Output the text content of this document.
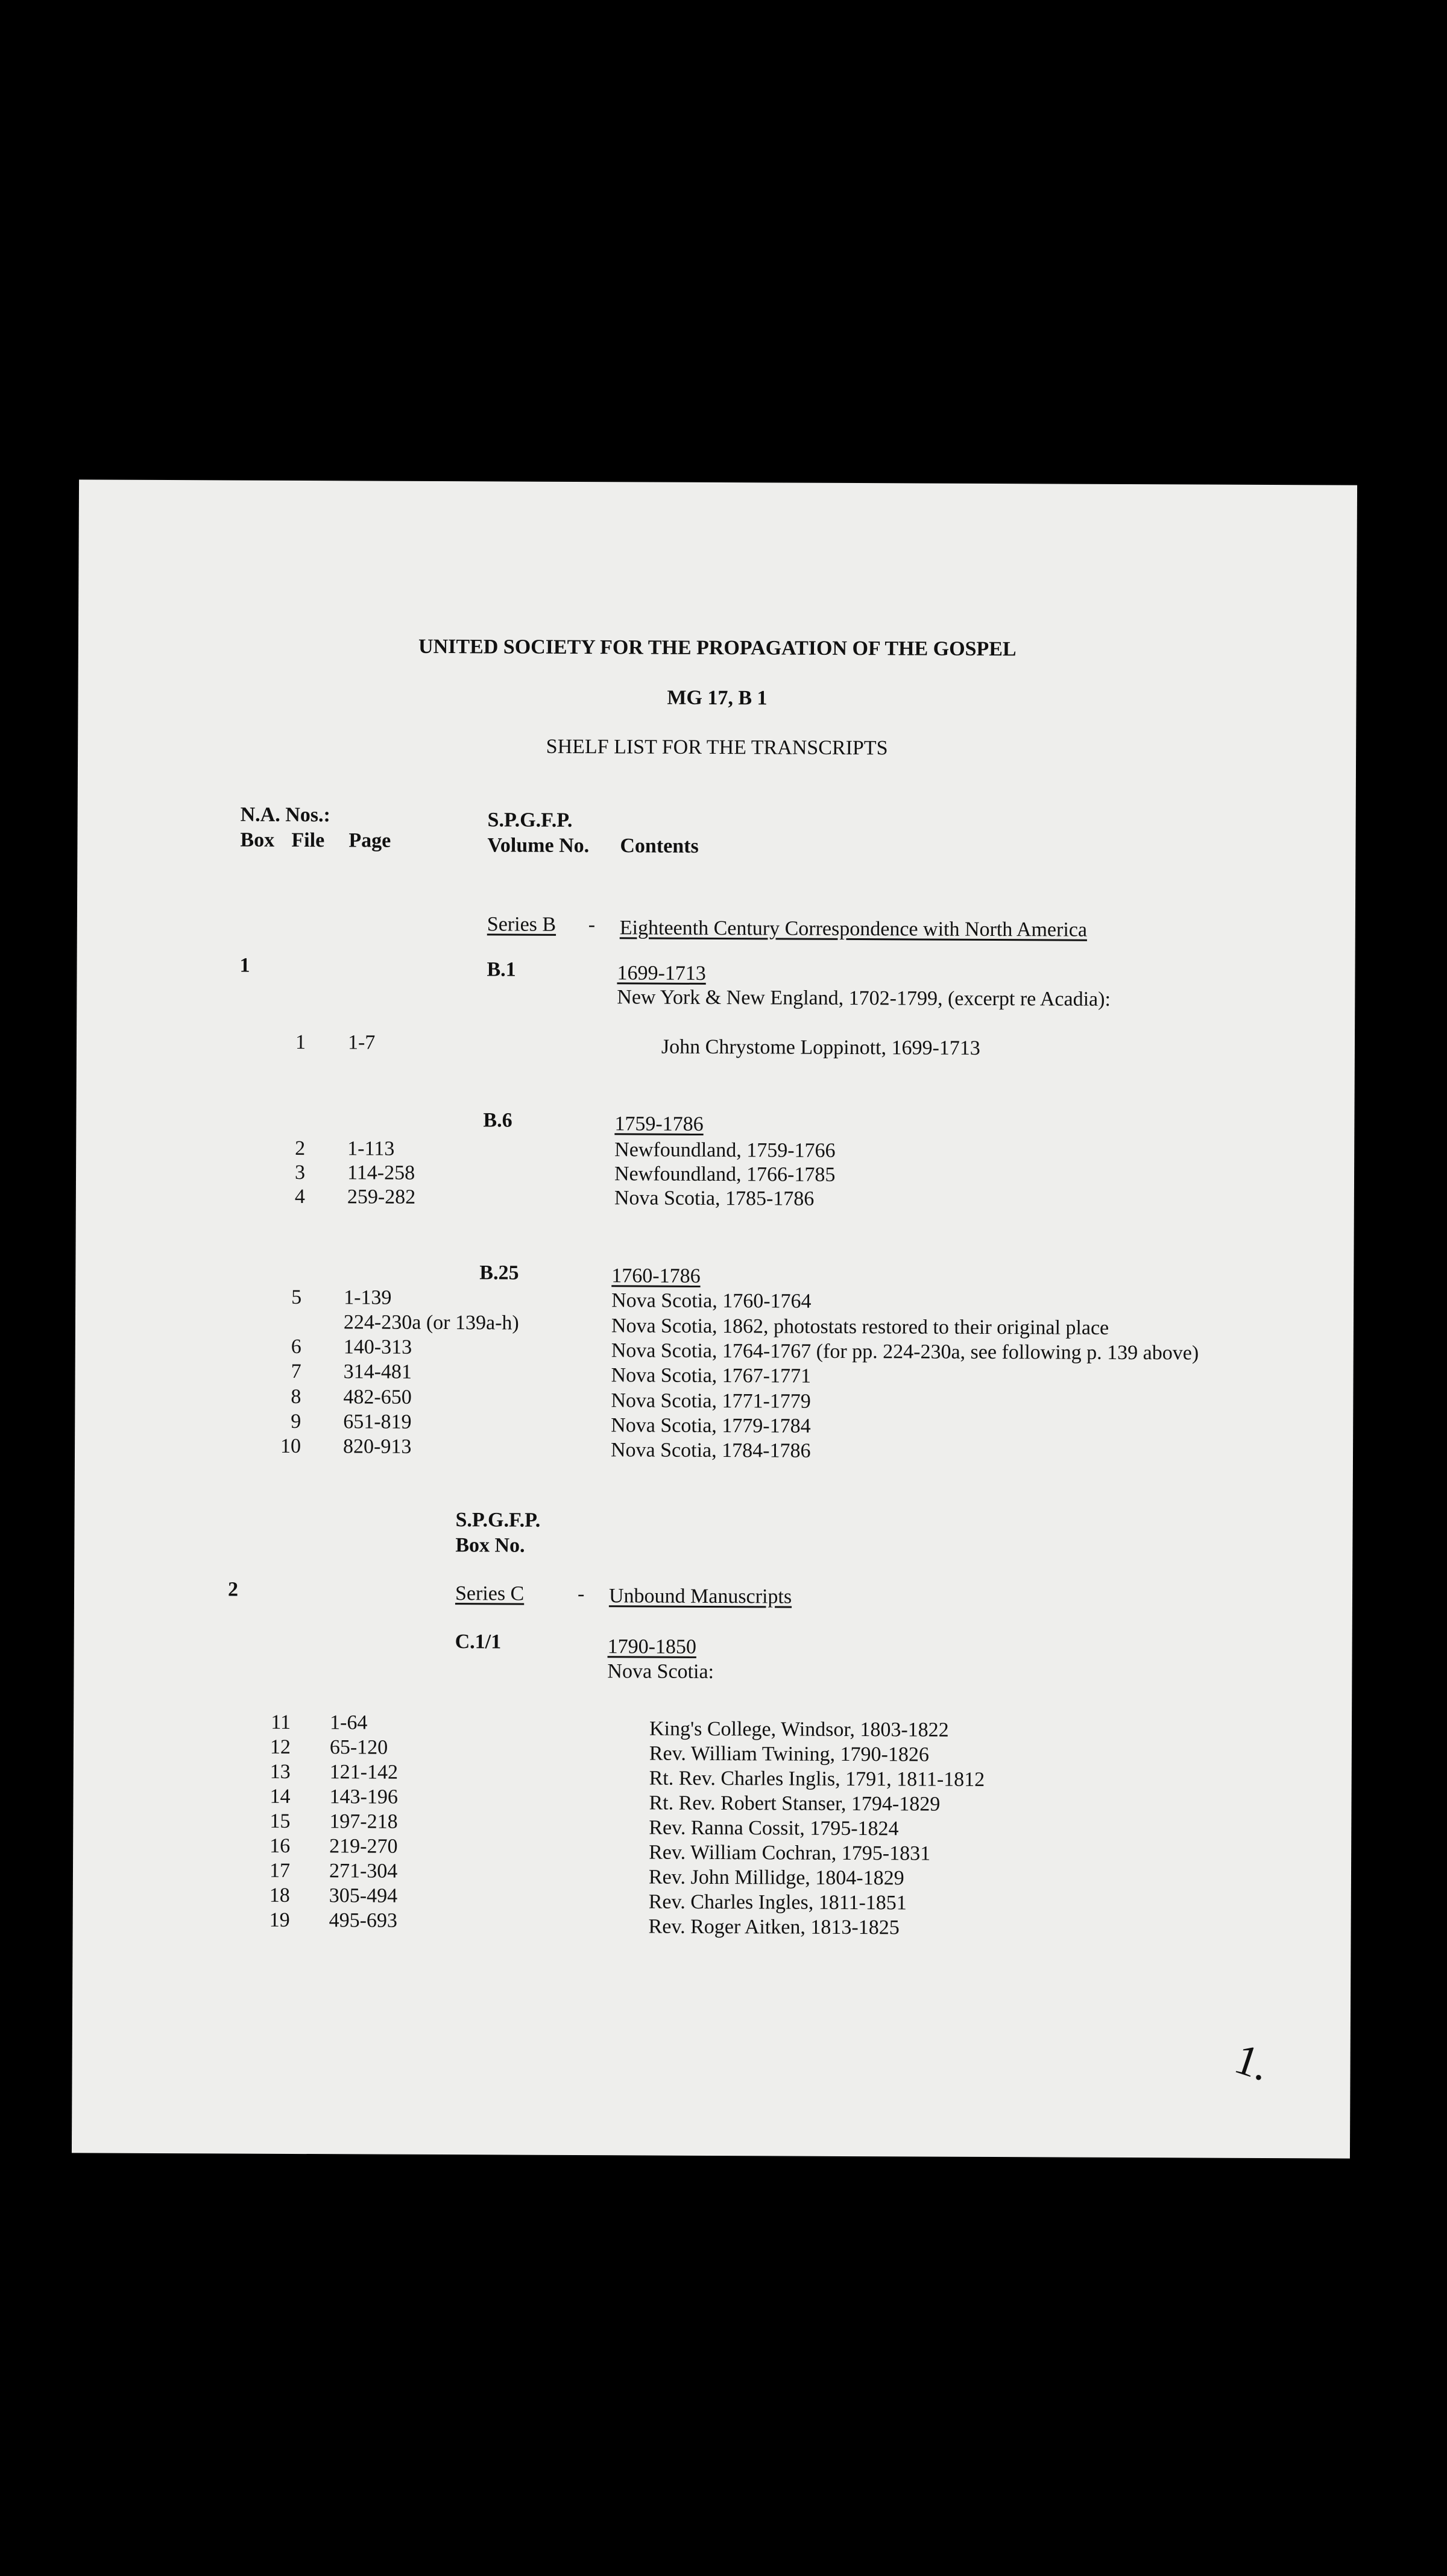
UNITED SOCIETY FOR THE PROPAGATION OF THE GOSPEL
MG 17, B 1
SHELF LIST FOR THE TRANSCRIPTS
N.A. Nos.:
Box File Page
S.P.G.F.P.
Volume No. Contents
Series B - Eighteenth Century Correspondence with North America
1	B.1	1699-1713
New York & New England, 1702-1799, (excerpt re Acadia):
1 1-7	John Chrystome Loppinott, 1699-1713
B.6	1759-1786
2 1-113	Newfoundland, 1759-1766
3 114-258	Newfoundland, 1766-1785
4 259-282	Nova Scotia, 1785-1786
B.25	1760-1786
5 1-139	Nova Scotia, 1760-1764
224-230a (or 139a-h)	Nova Scotia, 1862, photostats restored to their original place
6 140-313	Nova Scotia, 1764-1767 (for pp. 224-230a, see following p. 139 above)
7 314-481	Nova Scotia, 1767-1771
8 482-650	Nova Scotia, 1771-1779
9 651-819	Nova Scotia, 1779-1784
10 820-913	Nova Scotia, 1784-1786
S.P.G.F.P.
Box No.
2	Series C	- Unbound Manuscripts
C.1/1	1790-1850
Nova Scotia:
11 1-64	King's College, Windsor, 1803-1822
12 65-120	Rev. William Twining, 1790-1826
13 121-142	Rt. Rev. Charles Inglis, 1791, 1811-1812
14 143-196	Rt. Rev. Robert Stanser, 1794-1829
15 197-218	Rev. Ranna Cossit, 1795-1824
16 219-270	Rev. William Cochran, 1795-1831
17 271-304	Rev. John Millidge, 1804-1829
18 305-494	Rev. Charles Ingles, 1811-1851
19 495-693	Rev. Roger Aitken, 1813-1825
1.
